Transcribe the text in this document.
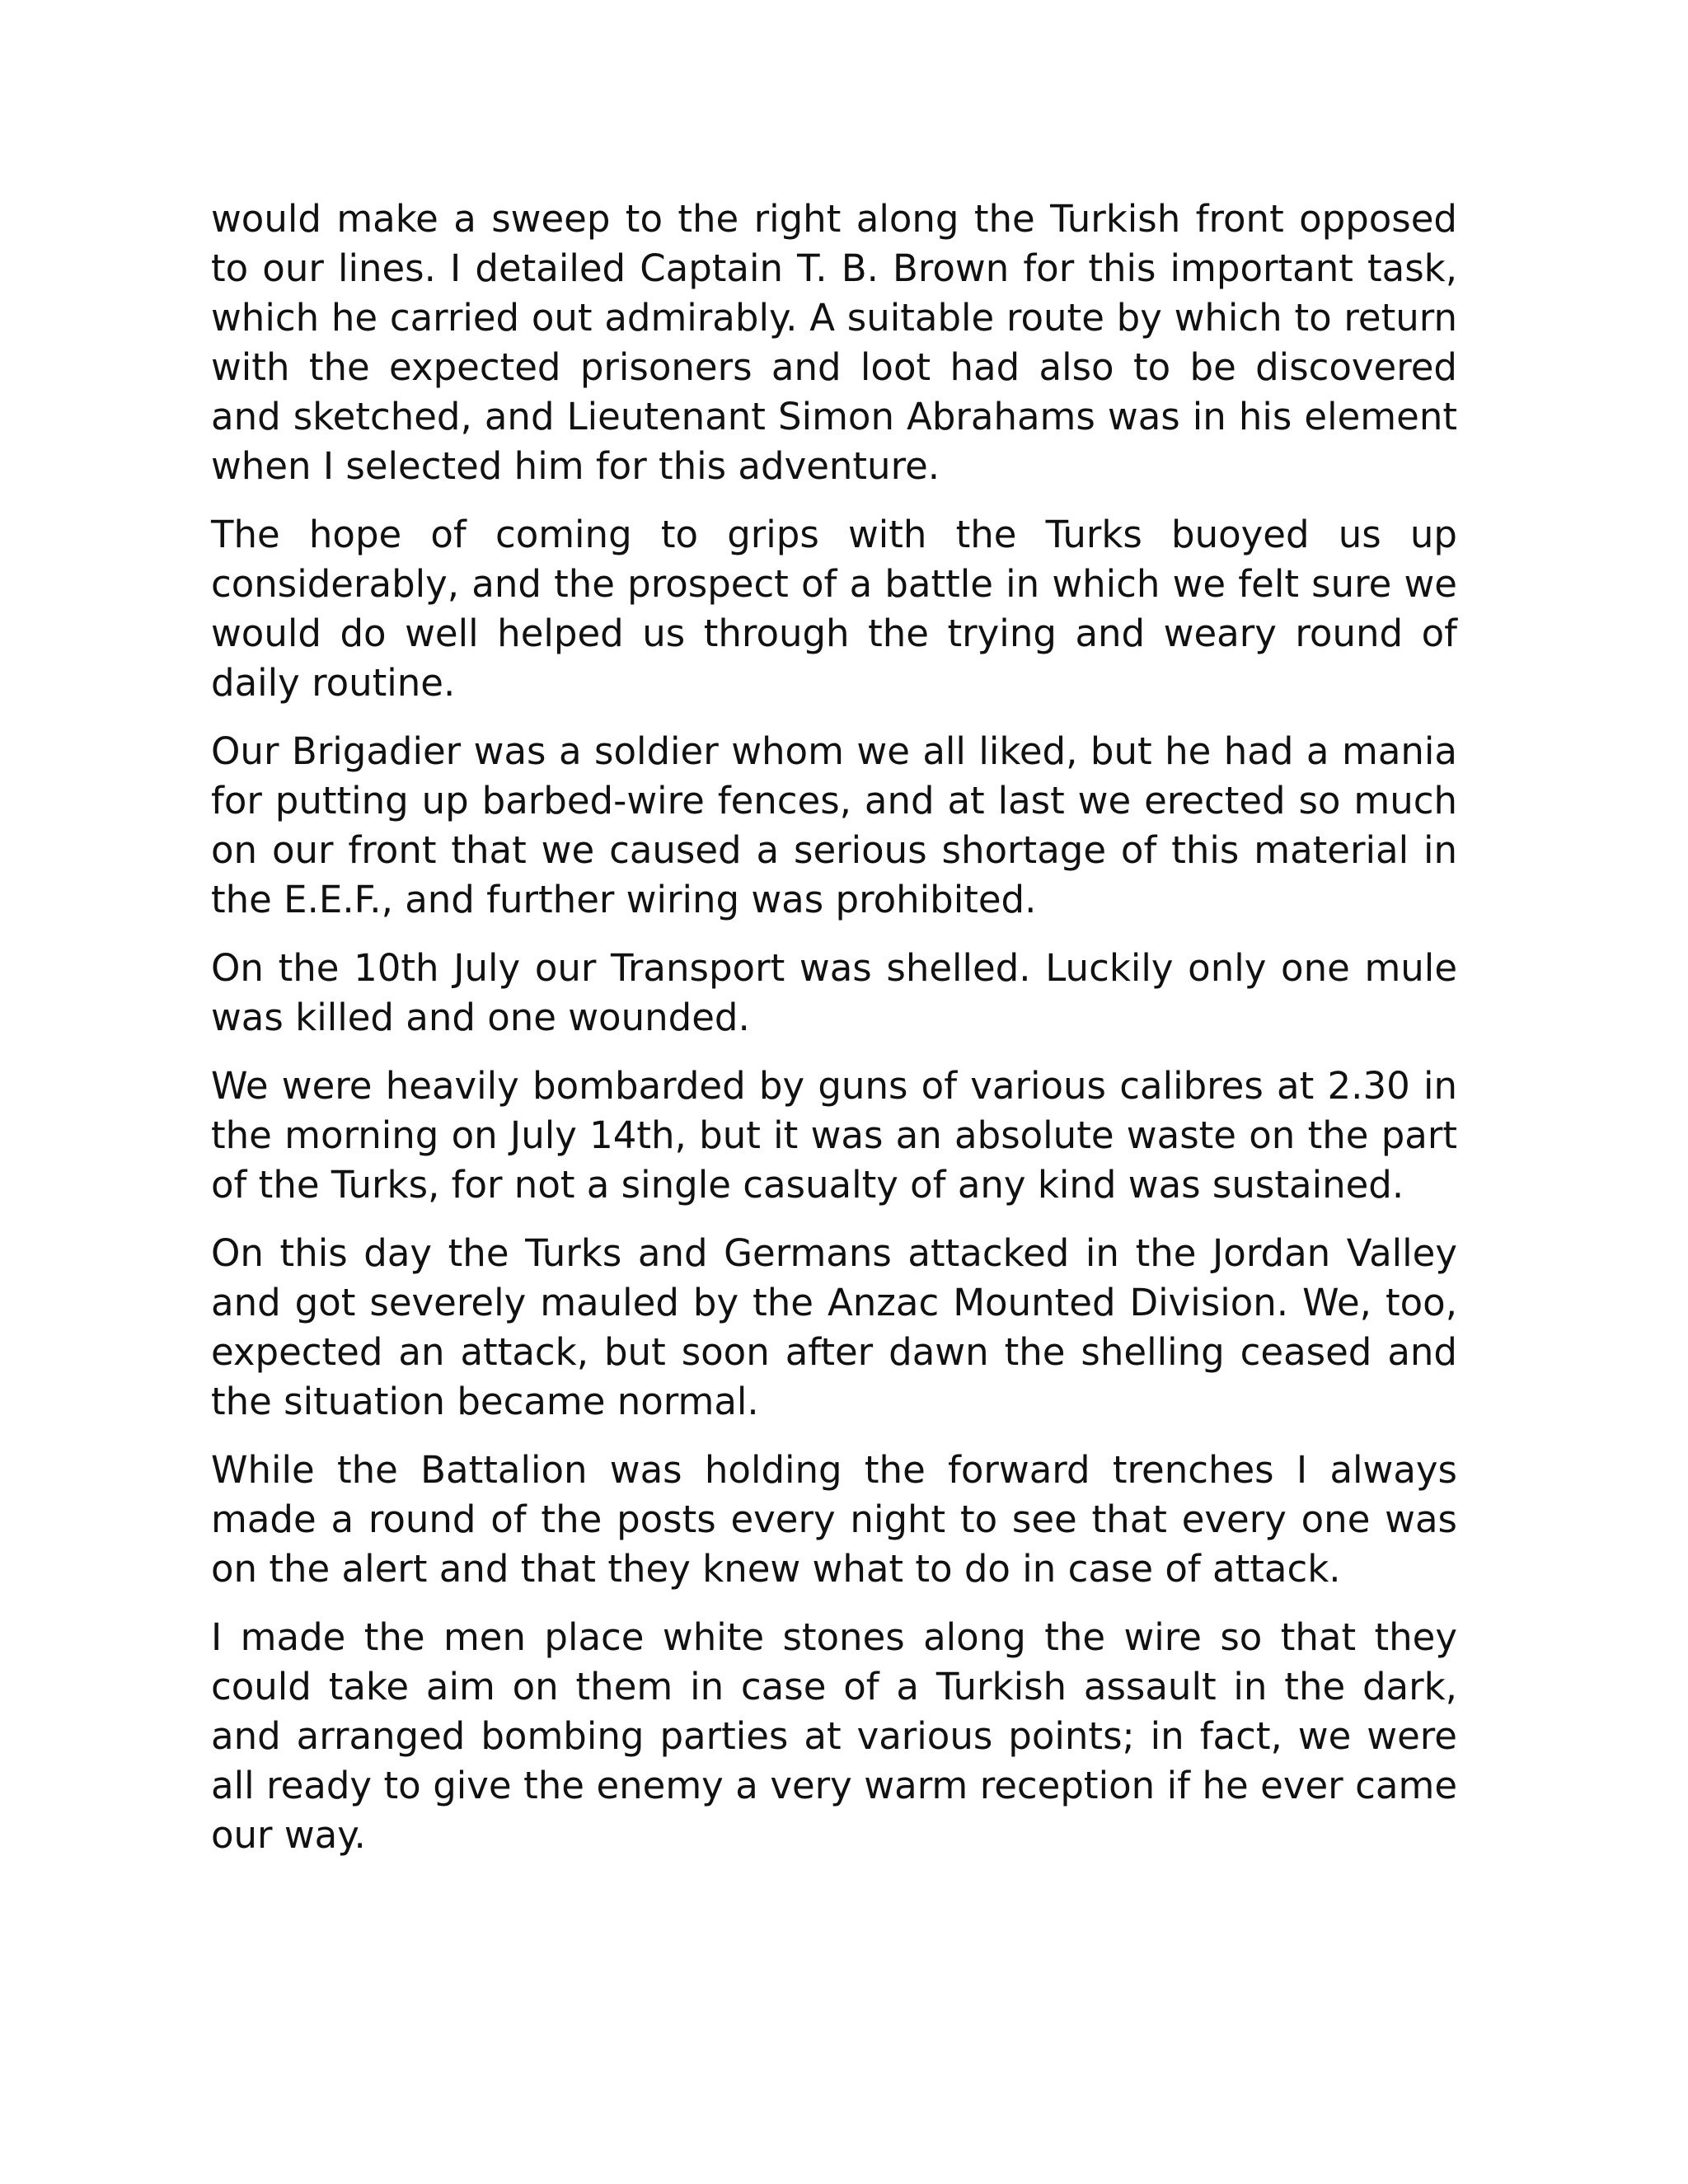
would make a sweep to the right along the Turkish front opposed to our lines. I detailed Captain T. B. Brown for this important task, which he carried out admirably. A suitable route by which to return with the expected prisoners and loot had also to be discovered and sketched, and Lieutenant Simon Abrahams was in his element when I selected him for this adventure.

The hope of coming to grips with the Turks buoyed us up considerably, and the prospect of a battle in which we felt sure we would do well helped us through the trying and weary round of daily routine.

Our Brigadier was a soldier whom we all liked, but he had a mania for putting up barbed-wire fences, and at last we erected so much on our front that we caused a serious shortage of this material in the E.E.F., and further wiring was prohibited.

On the 10th July our Transport was shelled. Luckily only one mule was killed and one wounded.

We were heavily bombarded by guns of various calibres at 2.30 in the morning on July 14th, but it was an absolute waste on the part of the Turks, for not a single casualty of any kind was sustained.

On this day the Turks and Germans attacked in the Jordan Valley and got severely mauled by the Anzac Mounted Division. We, too, expected an attack, but soon after dawn the shelling ceased and the situation became normal.

While the Battalion was holding the forward trenches I always made a round of the posts every night to see that every one was on the alert and that they knew what to do in case of attack.

I made the men place white stones along the wire so that they could take aim on them in case of a Turkish assault in the dark, and arranged bombing parties at various points; in fact, we were all ready to give the enemy a very warm reception if he ever came our way.
